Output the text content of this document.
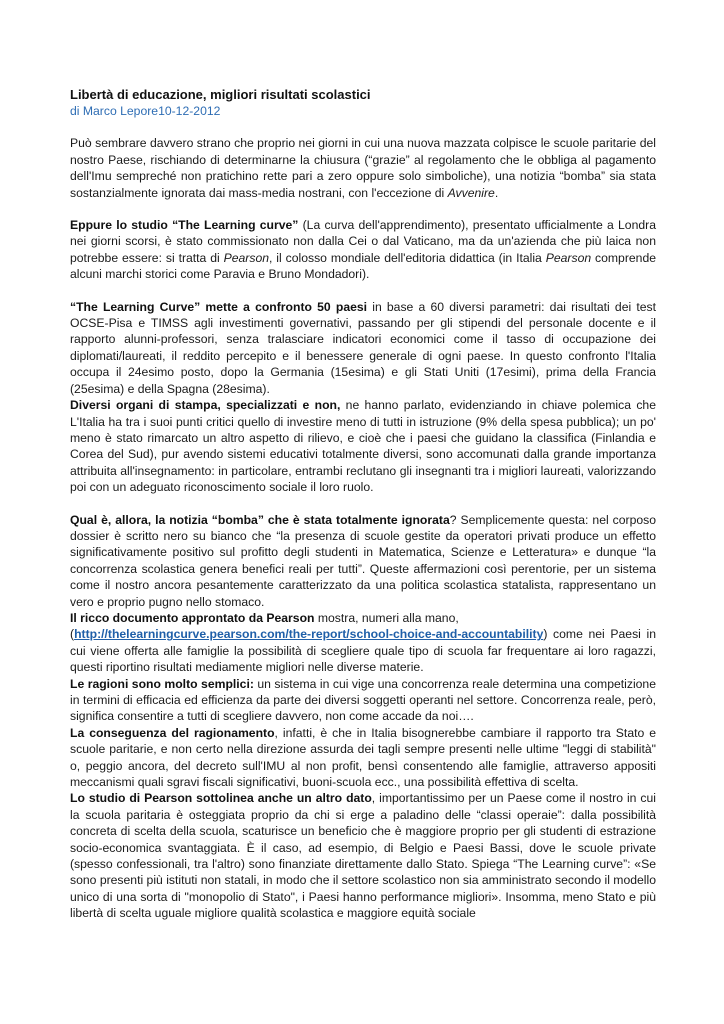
Libertà di educazione, migliori risultati scolastici
di Marco Lepore10-12-2012

Può sembrare davvero strano che proprio nei giorni in cui una nuova mazzata colpisce le scuole paritarie del nostro Paese, rischiando di determinarne la chiusura (“grazie” al regolamento che le obbliga al pagamento dell'Imu sempreché non pratichino rette pari a zero oppure solo simboliche), una notizia “bomba” sia stata sostanzialmente ignorata dai mass-media nostrani, con l'eccezione di Avvenire.

Eppure lo studio “The Learning curve” (La curva dell'apprendimento), presentato ufficialmente a Londra nei giorni scorsi, è stato commissionato non dalla Cei o dal Vaticano, ma da un'azienda che più laica non potrebbe essere: si tratta di Pearson, il colosso mondiale dell'editoria didattica (in Italia Pearson comprende alcuni marchi storici come Paravia e Bruno Mondadori).

“The Learning Curve” mette a confronto 50 paesi in base a 60 diversi parametri: dai risultati dei test OCSE-Pisa e TIMSS agli investimenti governativi, passando per gli stipendi del personale docente e il rapporto alunni-professori, senza tralasciare indicatori economici come il tasso di occupazione dei diplomati/laureati, il reddito percepito e il benessere generale di ogni paese. In questo confronto l'Italia occupa il 24esimo posto, dopo la Germania (15esima) e gli Stati Uniti (17esimi), prima della Francia (25esima) e della Spagna (28esima).

Diversi organi di stampa, specializzati e non, ne hanno parlato, evidenziando in chiave polemica che L'Italia ha tra i suoi punti critici quello di investire meno di tutti in istruzione (9% della spesa pubblica); un po' meno è stato rimarcato un altro aspetto di rilievo, e cioè che i paesi che guidano la classifica (Finlandia e Corea del Sud), pur avendo sistemi educativi totalmente diversi, sono accomunati dalla grande importanza attribuita all'insegnamento: in particolare, entrambi reclutano gli insegnanti tra i migliori laureati, valorizzando poi con un adeguato riconoscimento sociale il loro ruolo.

Qual è, allora, la notizia “bomba” che è stata totalmente ignorata? Semplicemente questa: nel corposo dossier è scritto nero su bianco che “la presenza di scuole gestite da operatori privati produce un effetto significativamente positivo sul profitto degli studenti in Matematica, Scienze e Letteratura» e dunque “la concorrenza scolastica genera benefici reali per tutti”. Queste affermazioni così perentorie, per un sistema come il nostro ancora pesantemente caratterizzato da una politica scolastica statalista, rappresentano un vero e proprio pugno nello stomaco.

Il ricco documento approntato da Pearson mostra, numeri alla mano,
(http://thelearningcurve.pearson.com/the-report/school-choice-and-accountability) come nei Paesi in cui viene offerta alle famiglie la possibilità di scegliere quale tipo di scuola far frequentare ai loro ragazzi, questi riportino risultati mediamente migliori nelle diverse materie.

Le ragioni sono molto semplici: un sistema in cui vige una concorrenza reale determina una competizione in termini di efficacia ed efficienza da parte dei diversi soggetti operanti nel settore. Concorrenza reale, però, significa consentire a tutti di scegliere davvero, non come accade da noi….

La conseguenza del ragionamento, infatti, è che in Italia bisognerebbe cambiare il rapporto tra Stato e scuole paritarie, e non certo nella direzione assurda dei tagli sempre presenti nelle ultime "leggi di stabilità" o, peggio ancora, del decreto sull'IMU al non profit, bensì consentendo alle famiglie, attraverso appositi meccanismi quali sgravi fiscali significativi, buoni-scuola ecc., una possibilità effettiva di scelta.

Lo studio di Pearson sottolinea anche un altro dato, importantissimo per un Paese come il nostro in cui la scuola paritaria è osteggiata proprio da chi si erge a paladino delle “classi operaie”: dalla possibilità concreta di scelta della scuola, scaturisce un beneficio che è maggiore proprio per gli studenti di estrazione socio-economica svantaggiata. È il caso, ad esempio, di Belgio e Paesi Bassi, dove le scuole private (spesso confessionali, tra l'altro) sono finanziate direttamente dallo Stato. Spiega “The Learning curve”: «Se sono presenti più istituti non statali, in modo che il settore scolastico non sia amministrato secondo il modello unico di una sorta di "monopolio di Stato", i Paesi hanno performance migliori». Insomma, meno Stato e più libertà di scelta uguale migliore qualità scolastica e maggiore equità sociale
